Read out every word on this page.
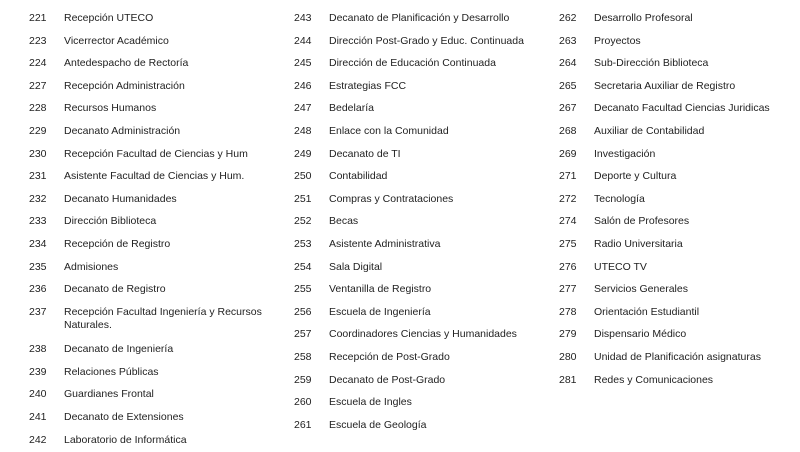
221	Recepción UTECO
223	Vicerrector Académico
224	Antedespacho de Rectoría
227	Recepción Administración
228	Recursos Humanos
229	Decanato Administración
230	Recepción Facultad de Ciencias y Hum
231	Asistente Facultad de Ciencias y Hum.
232	Decanato Humanidades
233	Dirección Biblioteca
234	Recepción de Registro
235	Admisiones
236	Decanato de Registro
237	Recepción Facultad Ingeniería y Recursos Naturales.
238	Decanato de Ingeniería
239	Relaciones Públicas
240	Guardianes Frontal
241	Decanato de Extensiones
242	Laboratorio de Informática
243	Decanato de Planificación y Desarrollo
244	Dirección Post-Grado y Educ. Continuada
245	Dirección de Educación Continuada
246	Estrategias FCC
247	Bedelaría
248	Enlace con la Comunidad
249	Decanato de TI
250	Contabilidad
251	Compras y Contrataciones
252	Becas
253	Asistente Administrativa
254	Sala Digital
255	Ventanilla de Registro
256	Escuela de Ingeniería
257	Coordinadores Ciencias y Humanidades
258	Recepción de Post-Grado
259	Decanato de Post-Grado
260	Escuela de Ingles
261	Escuela de Geología
262	Desarrollo Profesoral
263	Proyectos
264	Sub-Dirección Biblioteca
265	Secretaria Auxiliar de Registro
267	Decanato Facultad Ciencias Juridicas
268	Auxiliar de Contabilidad
269	Investigación
271	Deporte y Cultura
272	Tecnología
274	Salón de Profesores
275	Radio Universitaria
276	UTECO TV
277	Servicios Generales
278	Orientación Estudiantil
279	Dispensario Médico
280	Unidad de Planificación asignaturas
281	Redes y Comunicaciones
